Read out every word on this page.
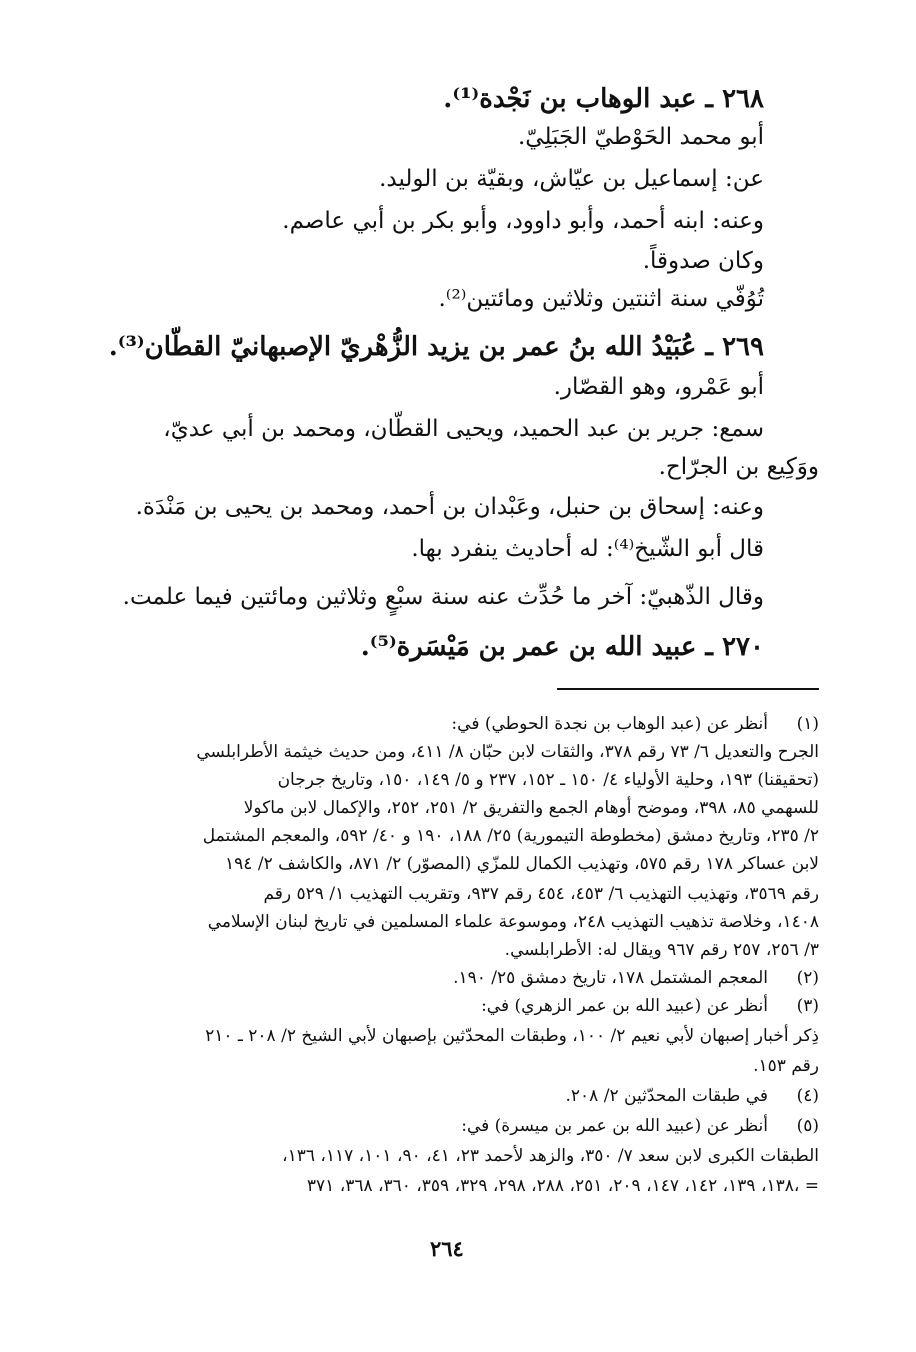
٢٦٨ ـ عبد الوهاب بن نَجْدة⁽¹⁾.
أبو محمد الحَوْطيّ الجَبَلِيّ.
عن: إسماعيل بن عيّاش، وبقيّة بن الوليد.
وعنه: ابنه أحمد، وأبو داوود، وأبو بكر بن أبي عاصم.
وكان صدوقاً.
تُوُفّي سنة اثنتين وثلاثين ومائتين⁽²⁾.
٢٦٩ ـ عُبَيْدُ الله بنُ عمر بن يزيد الزُّهْريّ الإصبهانيّ القطّان⁽³⁾.
أبو عَمْرو، وهو القصّار.
سمع: جرير بن عبد الحميد، ويحيى القطّان، ومحمد بن أبي عديّ،
ووَكِيع بن الجرّاح.
وعنه: إسحاق بن حنبل، وعَبْدان بن أحمد، ومحمد بن يحيى بن مَنْدَة.
قال أبو الشّيخ⁽⁴⁾: له أحاديث ينفرد بها.
وقال الذّهبيّ: آخر ما حُدِّث عنه سنة سبْعٍ وثلاثين ومائتين فيما علمت.
٢٧٠ ـ عبيد الله بن عمر بن مَيْسَرة⁽⁵⁾.
(١)
أنظر عن (عبد الوهاب بن نجدة الحوطي) في:
الجرح والتعديل ٦/ ٧٣ رقم ٣٧٨، والثقات لابن حبّان ٨/ ٤١١، ومن حديث خيثمة الأطرابلسي
(تحقيقنا) ١٩٣، وحلية الأولياء ٤/ ١٥٠ ـ ١٥٢، ٢٣٧ و ٥/ ١٤٩، ١٥٠، وتاريخ جرجان
للسهمي ٨٥، ٣٩٨، وموضح أوهام الجمع والتفريق ٢/ ٢٥١، ٢٥٢، والإكمال لابن ماكولا
٢/ ٢٣٥، وتاريخ دمشق (مخطوطة التيمورية) ٢٥/ ١٨٨، ١٩٠ و ٤٠/ ٥٩٢، والمعجم المشتمل
لابن عساكر ١٧٨ رقم ٥٧٥، وتهذيب الكمال للمزّي (المصوّر) ٢/ ٨٧١، والكاشف ٢/ ١٩٤
رقم ٣٥٦٩، وتهذيب التهذيب ٦/ ٤٥٣، ٤٥٤ رقم ٩٣٧، وتقريب التهذيب ١/ ٥٢٩ رقم
١٤٠٨، وخلاصة تذهيب التهذيب ٢٤٨، وموسوعة علماء المسلمين في تاريخ لبنان الإسلامي
٣/ ٢٥٦، ٢٥٧ رقم ٩٦٧ ويقال له: الأطرابلسي.
(٢)
المعجم المشتمل ١٧٨، تاريخ دمشق ٢٥/ ١٩٠.
(٣)
أنظر عن (عبيد الله بن عمر الزهري) في:
ذِكر أخبار إصبهان لأبي نعيم ٢/ ١٠٠، وطبقات المحدّثين بإصبهان لأبي الشيخ ٢/ ٢٠٨ ـ ٢١٠
رقم ١٥٣.
(٤)
في طبقات المحدّثين ٢/ ٢٠٨.
(٥)
أنظر عن (عبيد الله بن عمر بن ميسرة) في:
الطبقات الكبرى لابن سعد ٧/ ٣٥٠، والزهد لأحمد ٢٣، ٤١، ٩٠، ١٠١، ١١٧، ١٣٦،
١٣٨، ١٣٩، ١٤٢، ١٤٧، ٢٠٩، ٢٥١، ٢٨٨، ٢٩٨، ٣٢٩، ٣٥٩، ٣٦٠، ٣٦٨، ٣٧١، =
٢٦٤
